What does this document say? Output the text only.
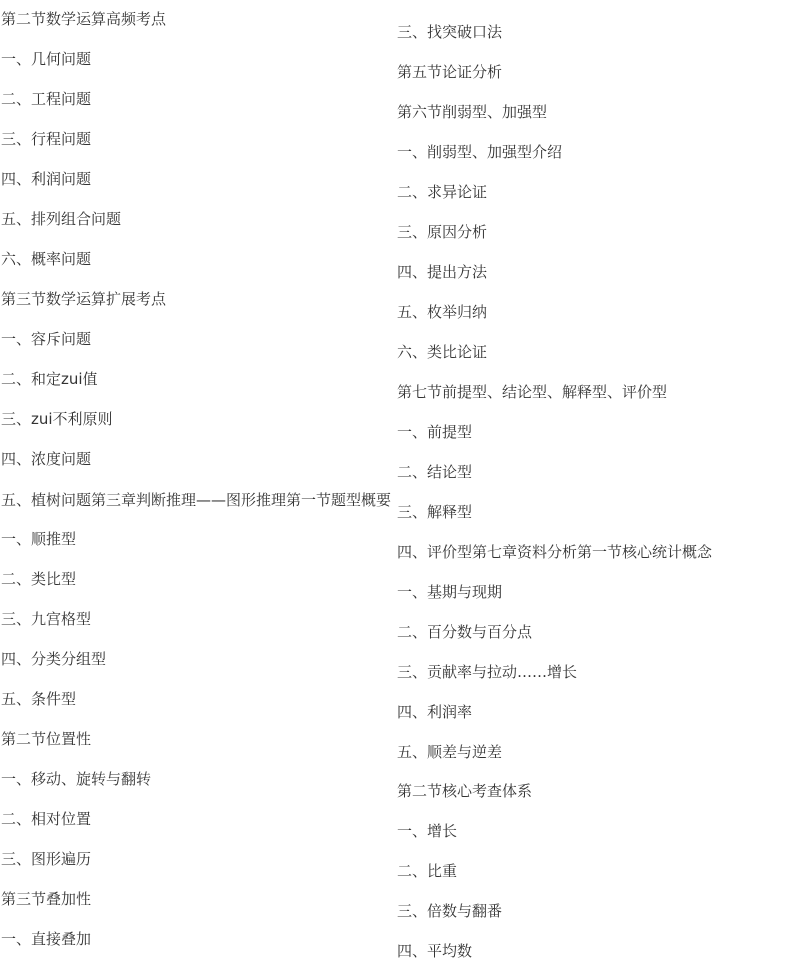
第二节数学运算高频考点

一、几何问题

二、工程问题

三、行程问题

四、利润问题

五、排列组合问题

六、概率问题

第三节数学运算扩展考点

一、容斥问题

二、和定zui值

三、zui不利原则

四、浓度问题

五、植树问题第三章判断推理——图形推理第一节题型概要

一、顺推型

二、类比型

三、九宫格型

四、分类分组型

五、条件型

第二节位置性

一、移动、旋转与翻转

二、相对位置

三、图形遍历

第三节叠加性

一、直接叠加

三、找突破口法

第五节论证分析

第六节削弱型、加强型

一、削弱型、加强型介绍

二、求异论证

三、原因分析

四、提出方法

五、枚举归纳

六、类比论证

第七节前提型、结论型、解释型、评价型

一、前提型

二、结论型

三、解释型

四、评价型第七章资料分析第一节核心统计概念

一、基期与现期

二、百分数与百分点

三、贡献率与拉动……增长

四、利润率

五、顺差与逆差

第二节核心考查体系

一、增长

二、比重

三、倍数与翻番

四、平均数
